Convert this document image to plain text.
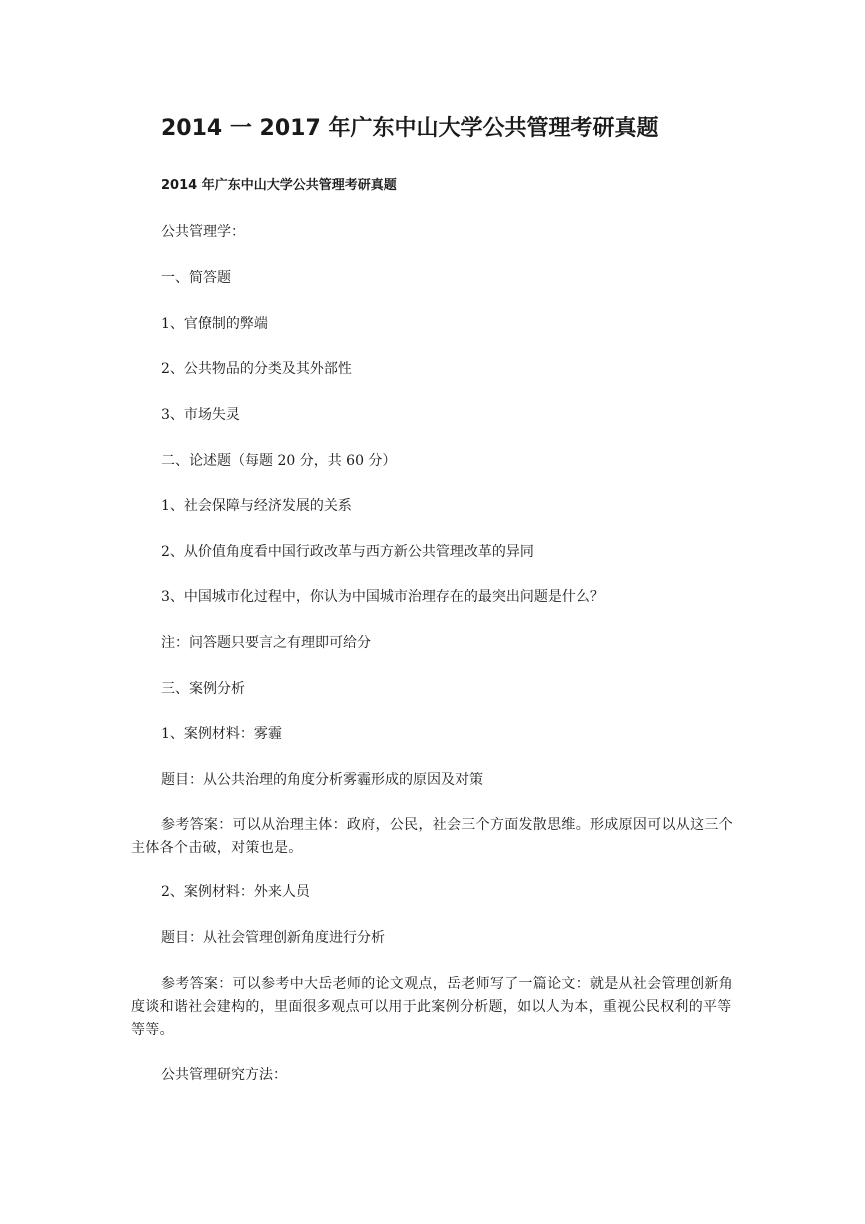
2014 一 2017 年广东中山大学公共管理考研真题
2014 年广东中山大学公共管理考研真题

公共管理学：

一、简答题

1、官僚制的弊端

2、公共物品的分类及其外部性

3、市场失灵

二、论述题（每题 20 分，共 60 分）

1、社会保障与经济发展的关系

2、从价值角度看中国行政改革与西方新公共管理改革的异同

3、中国城市化过程中，你认为中国城市治理存在的最突出问题是什么？

注：问答题只要言之有理即可给分

三、案例分析

1、案例材料：雾霾

题目：从公共治理的角度分析雾霾形成的原因及对策

参考答案：可以从治理主体：政府，公民，社会三个方面发散思维。形成原因可以从这三个主体各个击破，对策也是。

2、案例材料：外来人员

题目：从社会管理创新角度进行分析

参考答案：可以参考中大岳老师的论文观点，岳老师写了一篇论文：就是从社会管理创新角度谈和谐社会建构的，里面很多观点可以用于此案例分析题，如以人为本，重视公民权利的平等等等。

公共管理研究方法：
